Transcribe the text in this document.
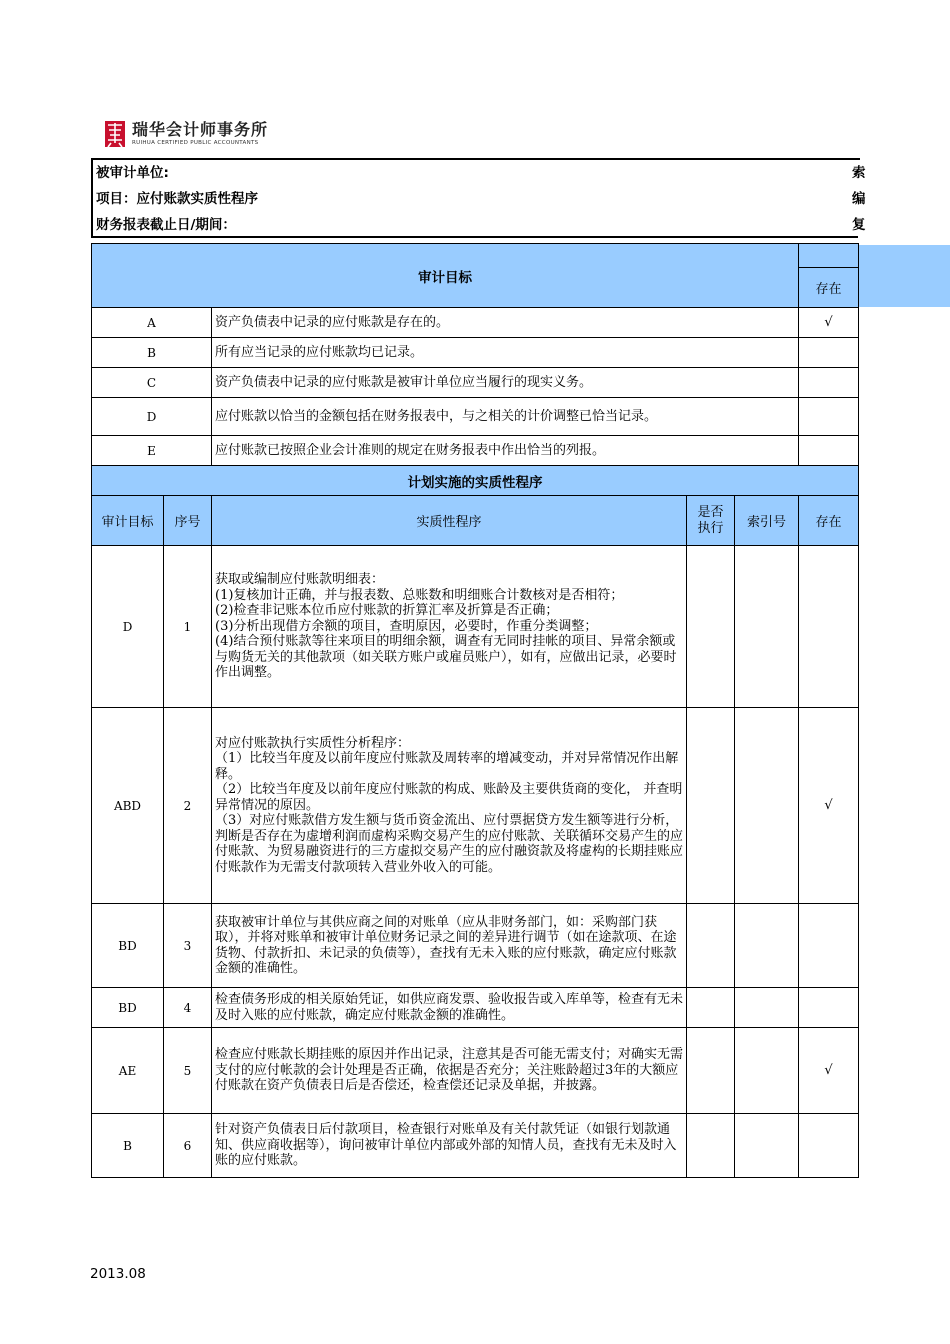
瑞华会计师事务所
RUIHUA CERTIFIED PUBLIC ACCOUNTANTS
被审计单位:	索
项目：应付账款实质性程序	编
财务报表截止日/期间：	复
审计目标					
					存在
A		资产负债表中记录的应付账款是存在的。			√
B		所有应当记录的应付账款均已记录。			
C		资产负债表中记录的应付账款是被审计单位应当履行的现实义务。			
D		应付账款以恰当的金额包括在财务报表中，与之相关的计价调整已恰当记录。			

E		应付账款已按照企业会计准则的规定在财务报表中作出恰当的列报。			

计划实施的实质性程序					
审计目标	序号	实质性程序	是否执行	索引号	存在
D	1	获取或编制应付账款明细表：
(1)复核加计正确，并与报表数、总账数和明细账合计数核对是否相符；
(2)检查非记账本位币应付账款的折算汇率及折算是否正确；
(3)分析出现借方余额的项目，查明原因，必要时，作重分类调整；
(4)结合预付账款等往来项目的明细余额，调查有无同时挂帐的项目、异常余额或与购货无关的其他款项（如关联方账户或雇员账户），如有，应做出记录，必要时作出调整。			

ABD	2	对应付账款执行实质性分析程序：
（1）比较当年度及以前年度应付账款及周转率的增减变动，并对异常情况作出解释。
（2）比较当年度及以前年度应付账款的构成、账龄及主要供货商的变化， 并查明异常情况的原因。
（3）对应付账款借方发生额与货币资金流出、应付票据贷方发生额等进行分析，判断是否存在为虚增利润而虚构采购交易产生的应付账款、关联循环交易产生的应付账款、为贸易融资进行的三方虚拟交易产生的应付融资款及将虚构的长期挂账应付账款作为无需支付款项转入营业外收入的可能。			√
BD	3	获取被审计单位与其供应商之间的对账单（应从非财务部门，如：采购部门获取），并将对账单和被审计单位财务记录之间的差异进行调节（如在途款项、在途货物、付款折扣、未记录的负债等），查找有无未入账的应付账款，确定应付账款金额的准确性。			

BD	4	检查债务形成的相关原始凭证，如供应商发票、验收报告或入库单等，检查有无未及时入账的应付账款，确定应付账款金额的准确性。			

AE	5	检查应付账款长期挂账的原因并作出记录，注意其是否可能无需支付；对确实无需支付的应付帐款的会计处理是否正确，依据是否充分；关注账龄超过3年的大额应付账款在资产负债表日后是否偿还，检查偿还记录及单据，并披露。			√
B	6	针对资产负债表日后付款项目，检查银行对账单及有关付款凭证（如银行划款通知、供应商收据等），询问被审计单位内部或外部的知情人员，查找有无未及时入账的应付账款。			

2013.08
